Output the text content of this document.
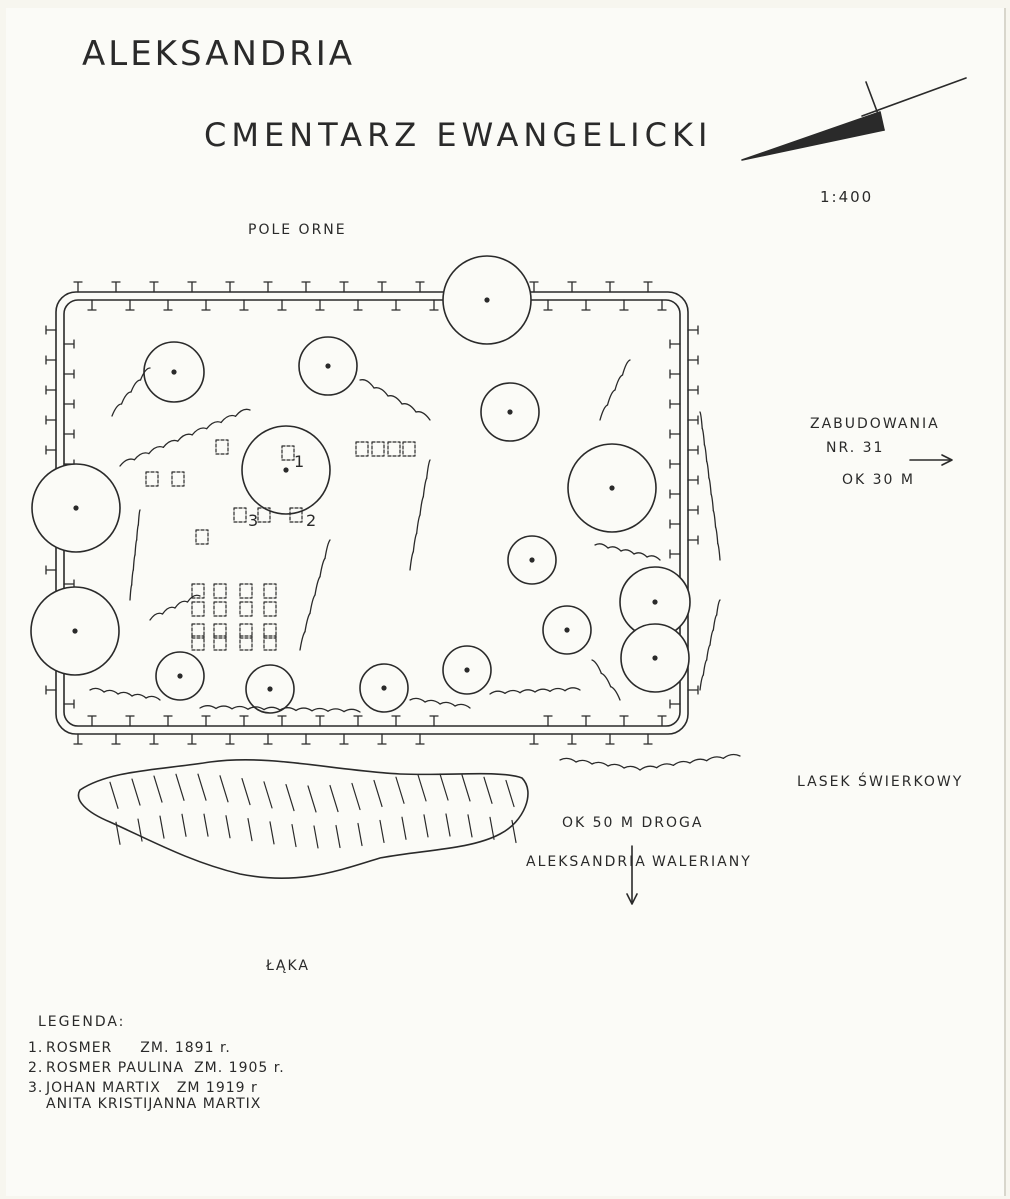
ALEKSANDRIA
CMENTARZ EWANGELICKI
1:400
POLE ORNE
ZABUDOWANIA
NR. 31
OK 30 M
LASEK ŚWIERKOWY
OK 50 M DROGA
ALEKSANDRIA WALERIANY
ŁĄKA
1
2
3
LEGENDA:
1. ROSMER ZM. 1891 r.
2. ROSMER PAULINA ZM. 1905 r.
3. JOHAN MARTIX ZM 1919 r
ANITA KRISTIJANNA MARTIX
